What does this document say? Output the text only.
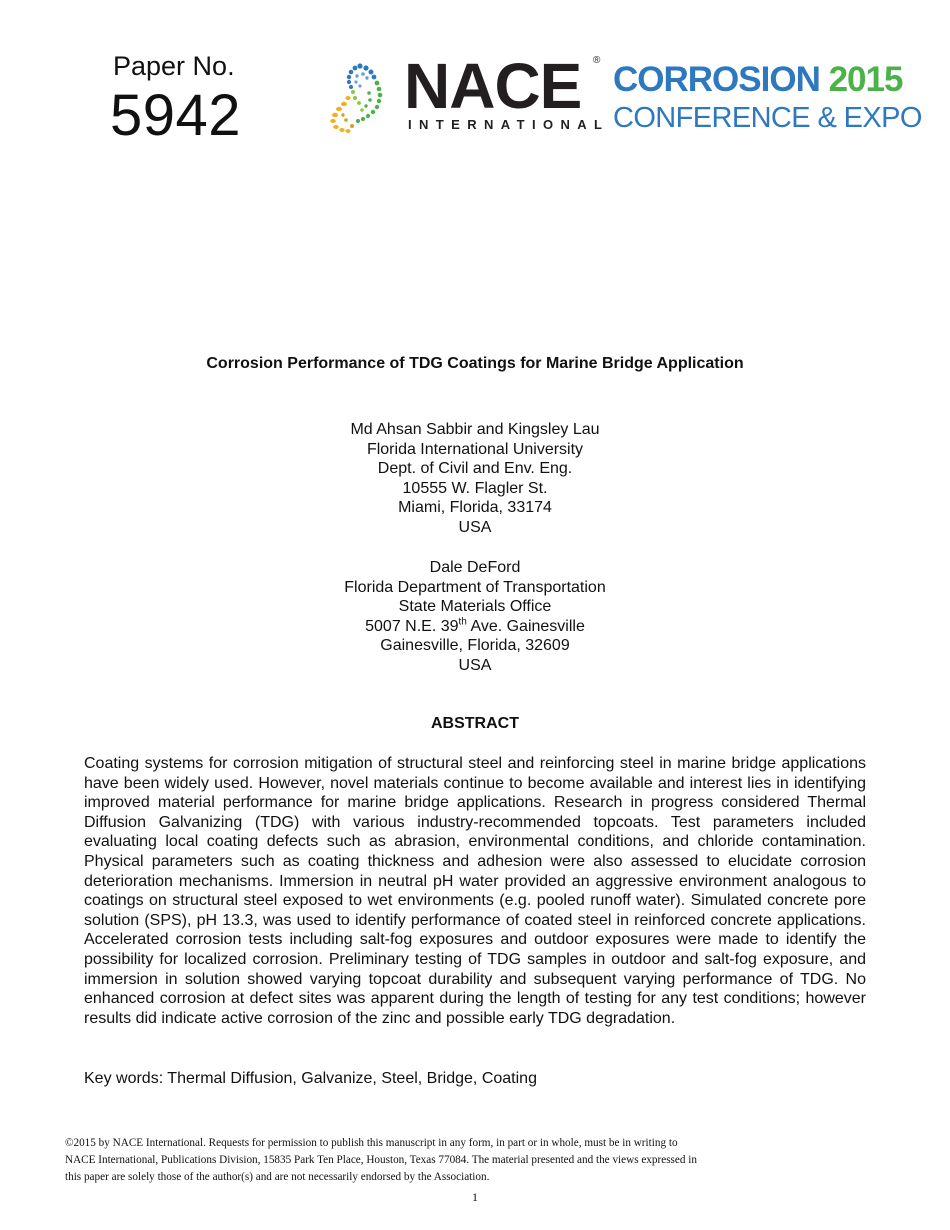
Paper No.
5942	NACE
INTERNATIONAL
® CORROSION 2015
CONFERENCE & EXPO
Corrosion Performance of TDG Coatings for Marine Bridge Application
Md Ahsan Sabbir and Kingsley Lau
Florida International University
Dept. of Civil and Env. Eng.
10555 W. Flagler St.
Miami, Florida, 33174
USA
Dale DeFord
Florida Department of Transportation
State Materials Office
5007 N.E. 39th Ave. Gainesville
Gainesville, Florida, 32609
USA
ABSTRACT
Coating systems for corrosion mitigation of structural steel and reinforcing steel in marine bridge applications have been widely used. However, novel materials continue to become available and interest lies in identifying improved material performance for marine bridge applications. Research in progress considered Thermal Diffusion Galvanizing (TDG) with various industry-recommended topcoats. Test parameters included evaluating local coating defects such as abrasion, environmental conditions, and chloride contamination. Physical parameters such as coating thickness and adhesion were also assessed to elucidate corrosion deterioration mechanisms. Immersion in neutral pH water provided an aggressive environment analogous to coatings on structural steel exposed to wet environments (e.g. pooled runoff water). Simulated concrete pore solution (SPS), pH 13.3, was used to identify performance of coated steel in reinforced concrete applications. Accelerated corrosion tests including salt-fog exposures and outdoor exposures were made to identify the possibility for localized corrosion. Preliminary testing of TDG samples in outdoor and salt-fog exposure, and immersion in solution showed varying topcoat durability and subsequent varying performance of TDG. No enhanced corrosion at defect sites was apparent during the length of testing for any test conditions; however results did indicate active corrosion of the zinc and possible early TDG degradation.
Key words: Thermal Diffusion, Galvanize, Steel, Bridge, Coating
©2015 by NACE International. Requests for permission to publish this manuscript in any form, in part or in whole, must be in writing to
NACE International, Publications Division, 15835 Park Ten Place, Houston, Texas 77084. The material presented and the views expressed in
this paper are solely those of the author(s) and are not necessarily endorsed by the Association.
1
